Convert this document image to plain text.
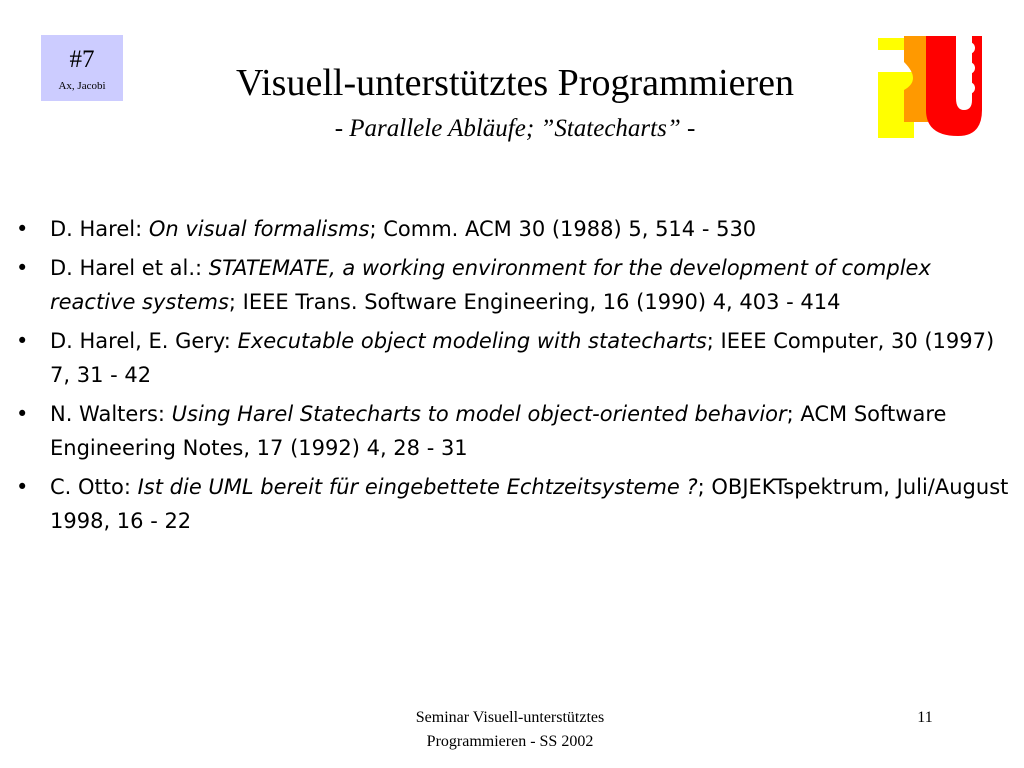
#7
Ax, Jacobi	Visuell-unterstütztes Programmieren
- Parallele Abläufe; ”Statecharts” -
• D. Harel: On visual formalisms; Comm. ACM 30 (1988) 5, 514 - 530
• D. Harel et al.: STATEMATE, a working environment for the development of complex reactive systems; IEEE Trans. Software Engineering, 16 (1990) 4, 403 - 414
• D. Harel, E. Gery: Executable object modeling with statecharts; IEEE Computer, 30 (1997) 7, 31 - 42
• N. Walters: Using Harel Statecharts to model object-oriented behavior; ACM Software Engineering Notes, 17 (1992) 4, 28 - 31
• C. Otto: Ist die UML bereit für eingebettete Echtzeitsysteme ?; OBJEKTspektrum, Juli/August 1998, 16 - 22
Seminar Visuell-unterstütztes
Programmieren - SS 2002
11
